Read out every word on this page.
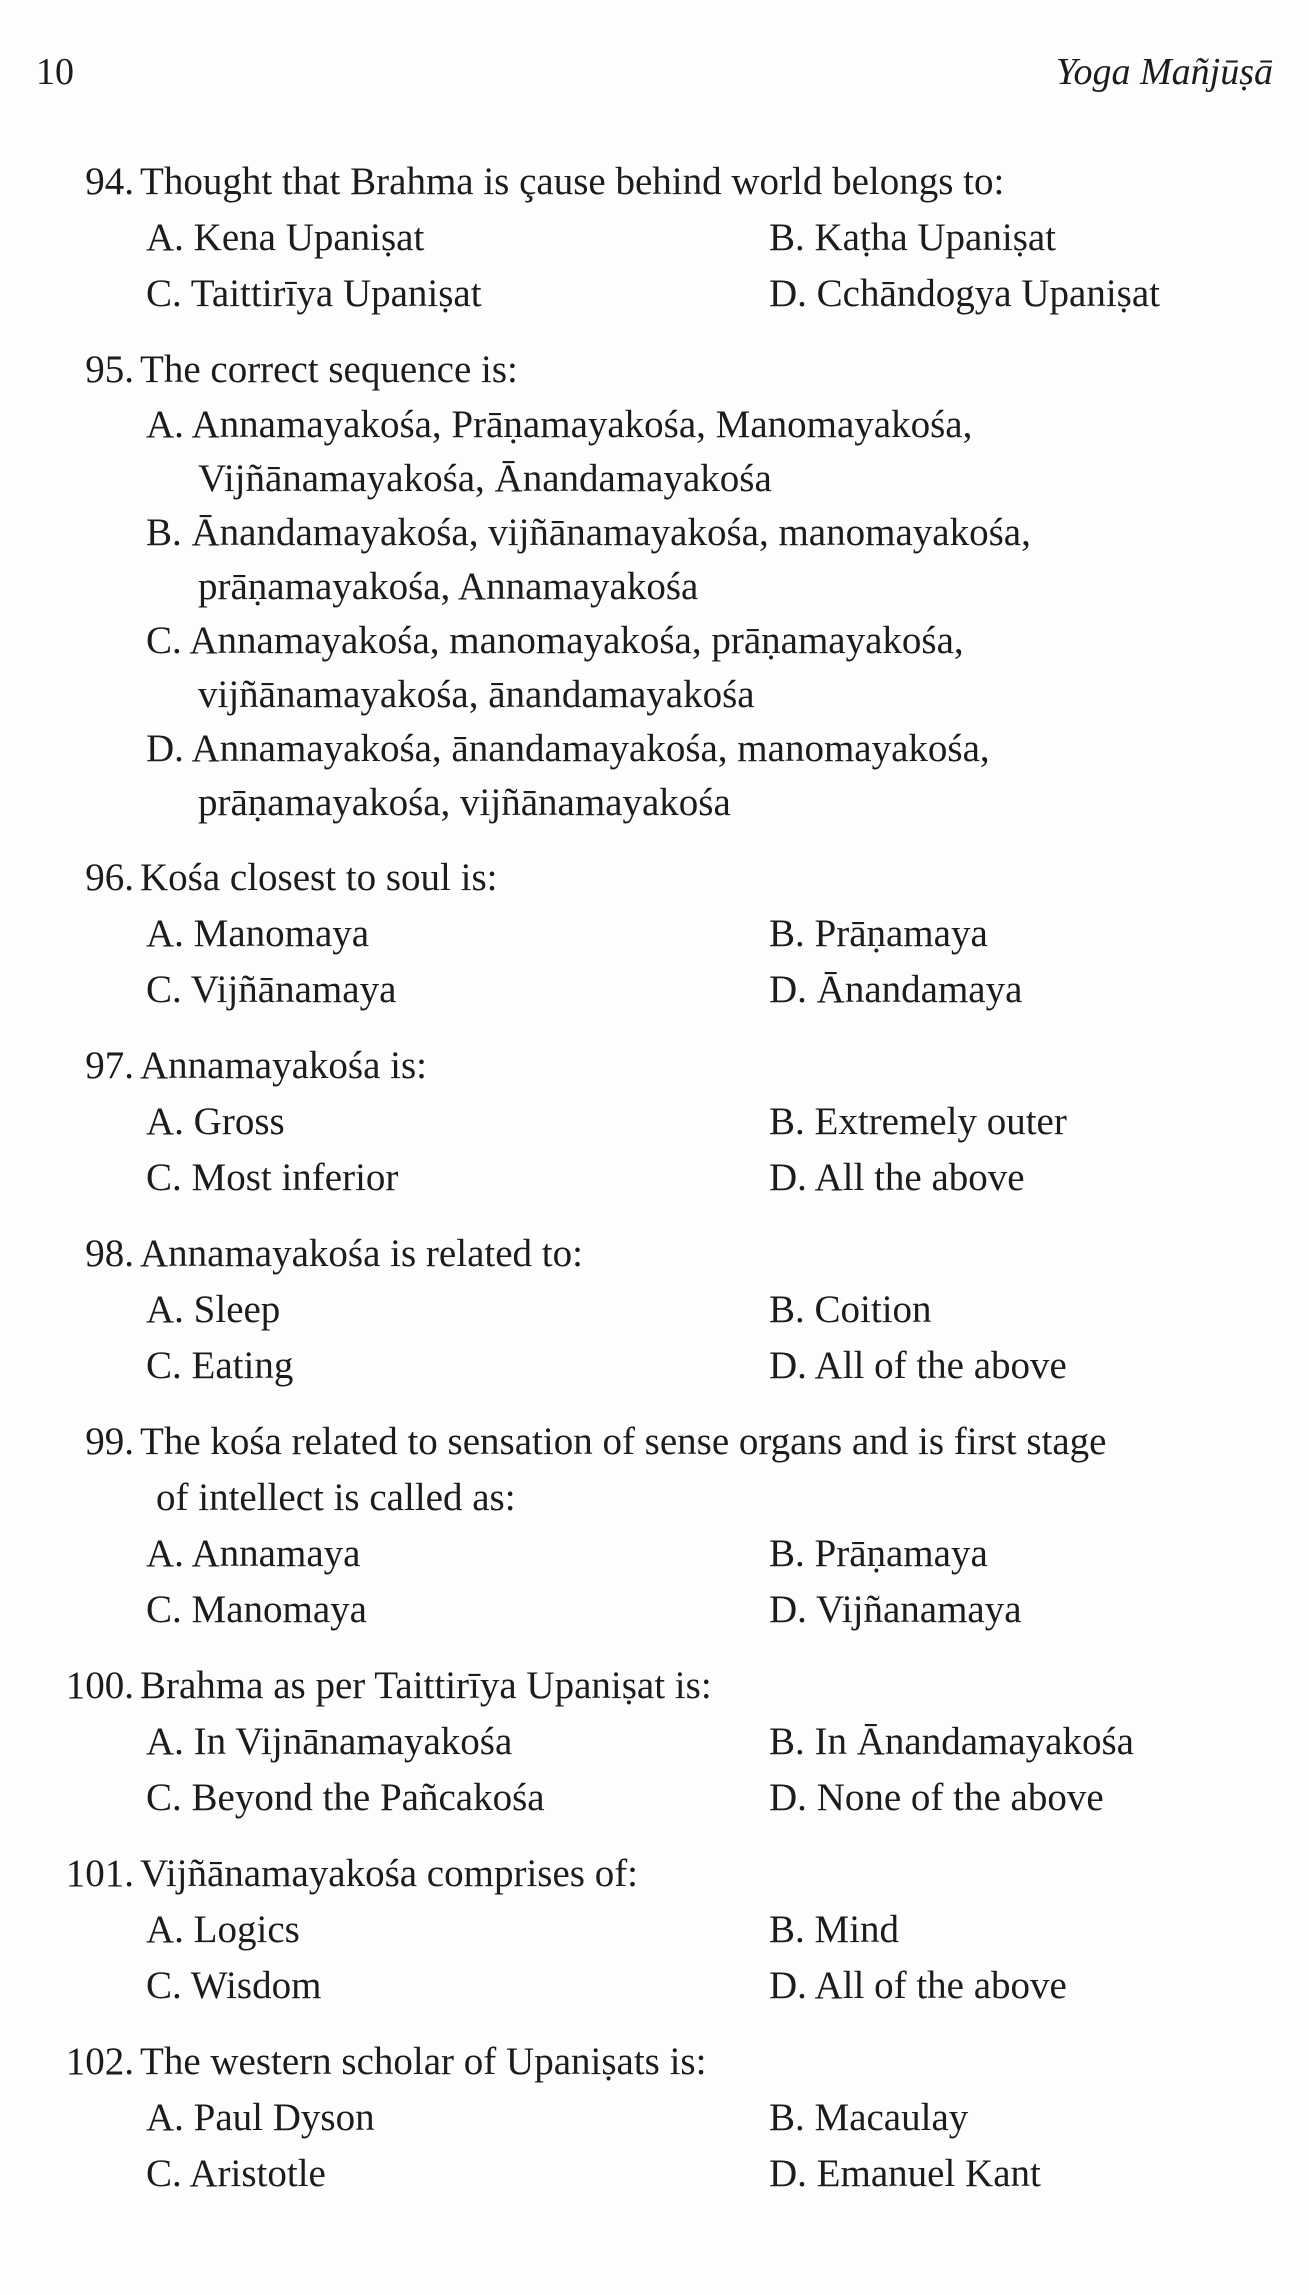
10	Yoga Mañjūṣā
94. Thought that Brahma is çause behind world belongs to:
A. Kena Upaniṣat	B. Kaṭha Upaniṣat
C. Taittirīya Upaniṣat	D. Cchāndogya Upaniṣat
95. The correct sequence is:
A. Annamayakośa, Prāṇamayakośa, Manomayakośa,
Vijñānamayakośa, Ānandamayakośa
B. Ānandamayakośa, vijñānamayakośa, manomayakośa,
prāṇamayakośa, Annamayakośa
C. Annamayakośa, manomayakośa, prāṇamayakośa,
vijñānamayakośa, ānandamayakośa
D. Annamayakośa, ānandamayakośa, manomayakośa,
prāṇamayakośa, vijñānamayakośa
96. Kośa closest to soul is:
A. Manomaya	B. Prāṇamaya
C. Vijñānamaya	D. Ānandamaya
97. Annamayakośa is:
A. Gross	B. Extremely outer
C. Most inferior	D. All the above
98. Annamayakośa is related to:
A. Sleep	B. Coition
C. Eating	D. All of the above
99. The kośa related to sensation of sense organs and is first stage
of intellect is called as:
A. Annamaya	B. Prāṇamaya
C. Manomaya	D. Vijñanamaya
100. Brahma as per Taittirīya Upaniṣat is:
A. In Vijnānamayakośa	B. In Ānandamayakośa
C. Beyond the Pañcakośa	D. None of the above
101. Vijñānamayakośa comprises of:
A. Logics	B. Mind
C. Wisdom	D. All of the above
102. The western scholar of Upaniṣats is:
A. Paul Dyson	B. Macaulay
C. Aristotle	D. Emanuel Kant
